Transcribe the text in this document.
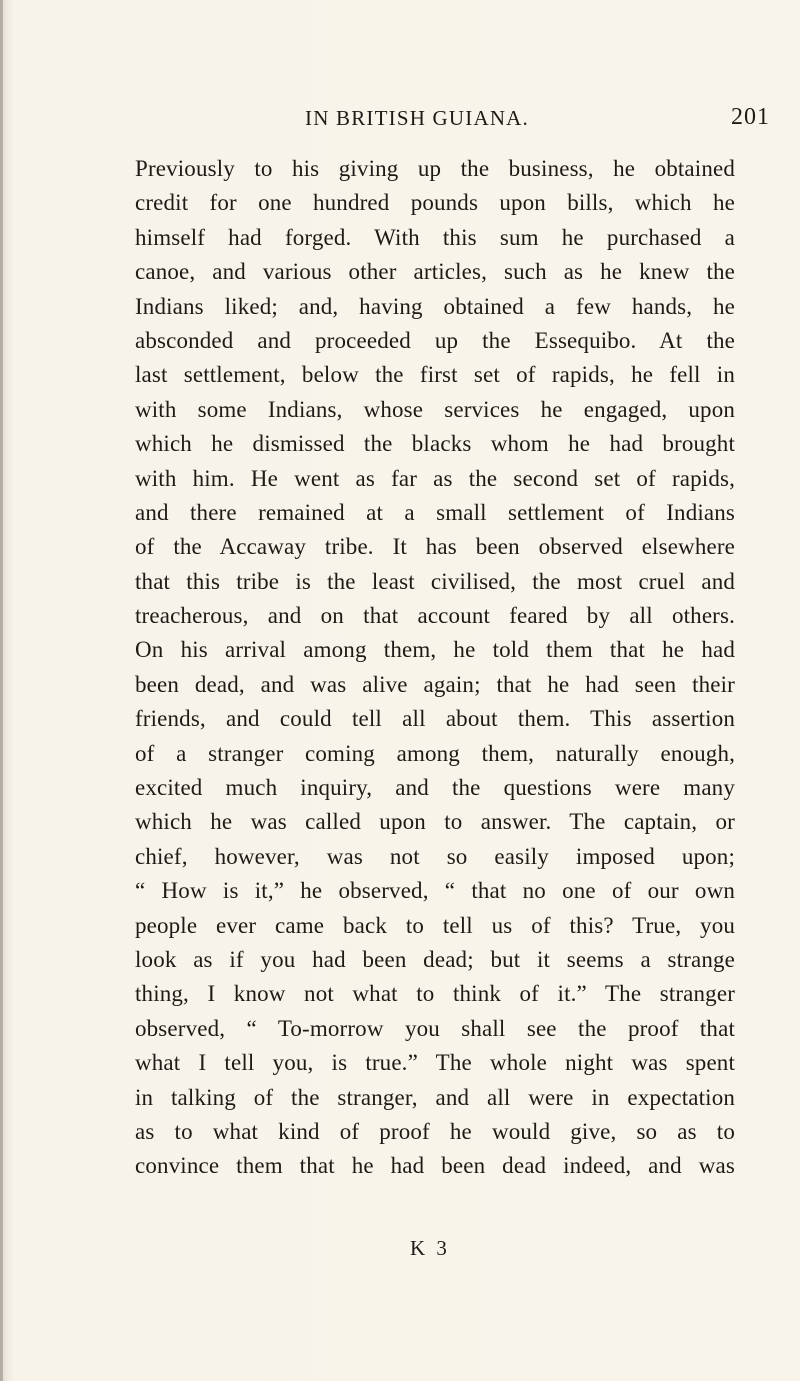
IN BRITISH GUIANA.	201
Previously to his giving up the business, he obtained
credit for one hundred pounds upon bills, which he
himself had forged. With this sum he purchased a
canoe, and various other articles, such as he knew the
Indians liked; and, having obtained a few hands, he
absconded and proceeded up the Essequibo. At the
last settlement, below the first set of rapids, he fell in
with some Indians, whose services he engaged, upon
which he dismissed the blacks whom he had brought
with him. He went as far as the second set of rapids,
and there remained at a small settlement of Indians
of the Accaway tribe. It has been observed elsewhere
that this tribe is the least civilised, the most cruel and
treacherous, and on that account feared by all others.
On his arrival among them, he told them that he had
been dead, and was alive again; that he had seen their
friends, and could tell all about them. This assertion
of a stranger coming among them, naturally enough,
excited much inquiry, and the questions were many
which he was called upon to answer. The captain, or
chief, however, was not so easily imposed upon;
“ How is it,” he observed, “ that no one of our own
people ever came back to tell us of this? True, you
look as if you had been dead; but it seems a strange
thing, I know not what to think of it.” The stranger
observed, “ To-morrow you shall see the proof that
what I tell you, is true.” The whole night was spent
in talking of the stranger, and all were in expectation
as to what kind of proof he would give, so as to
convince them that he had been dead indeed, and was
K 3
